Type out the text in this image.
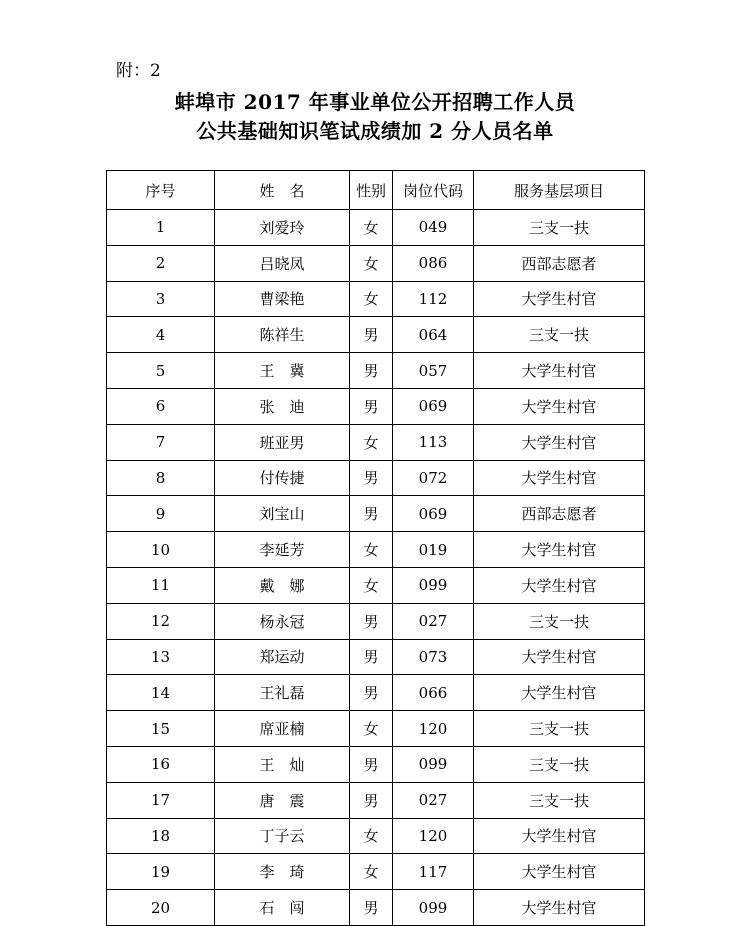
附：2
蚌埠市 2017 年事业单位公开招聘工作人员
公共基础知识笔试成绩加 2 分人员名单
序号	姓　名	性别	岗位代码	服务基层项目
1	刘爱玲	女	049	三支一扶
2	吕晓凤	女	086	西部志愿者
3	曹梁艳	女	112	大学生村官
4	陈祥生	男	064	三支一扶
5	王　冀	男	057	大学生村官
6	张　迪	男	069	大学生村官
7	班亚男	女	113	大学生村官
8	付传捷	男	072	大学生村官
9	刘宝山	男	069	西部志愿者
10	李延芳	女	019	大学生村官
11	戴　娜	女	099	大学生村官
12	杨永冠	男	027	三支一扶
13	郑运动	男	073	大学生村官
14	王礼磊	男	066	大学生村官
15	席亚楠	女	120	三支一扶
16	王　灿	男	099	三支一扶
17	唐　震	男	027	三支一扶
18	丁子云	女	120	大学生村官
19	李　琦	女	117	大学生村官
20	石　闯	男	099	大学生村官
